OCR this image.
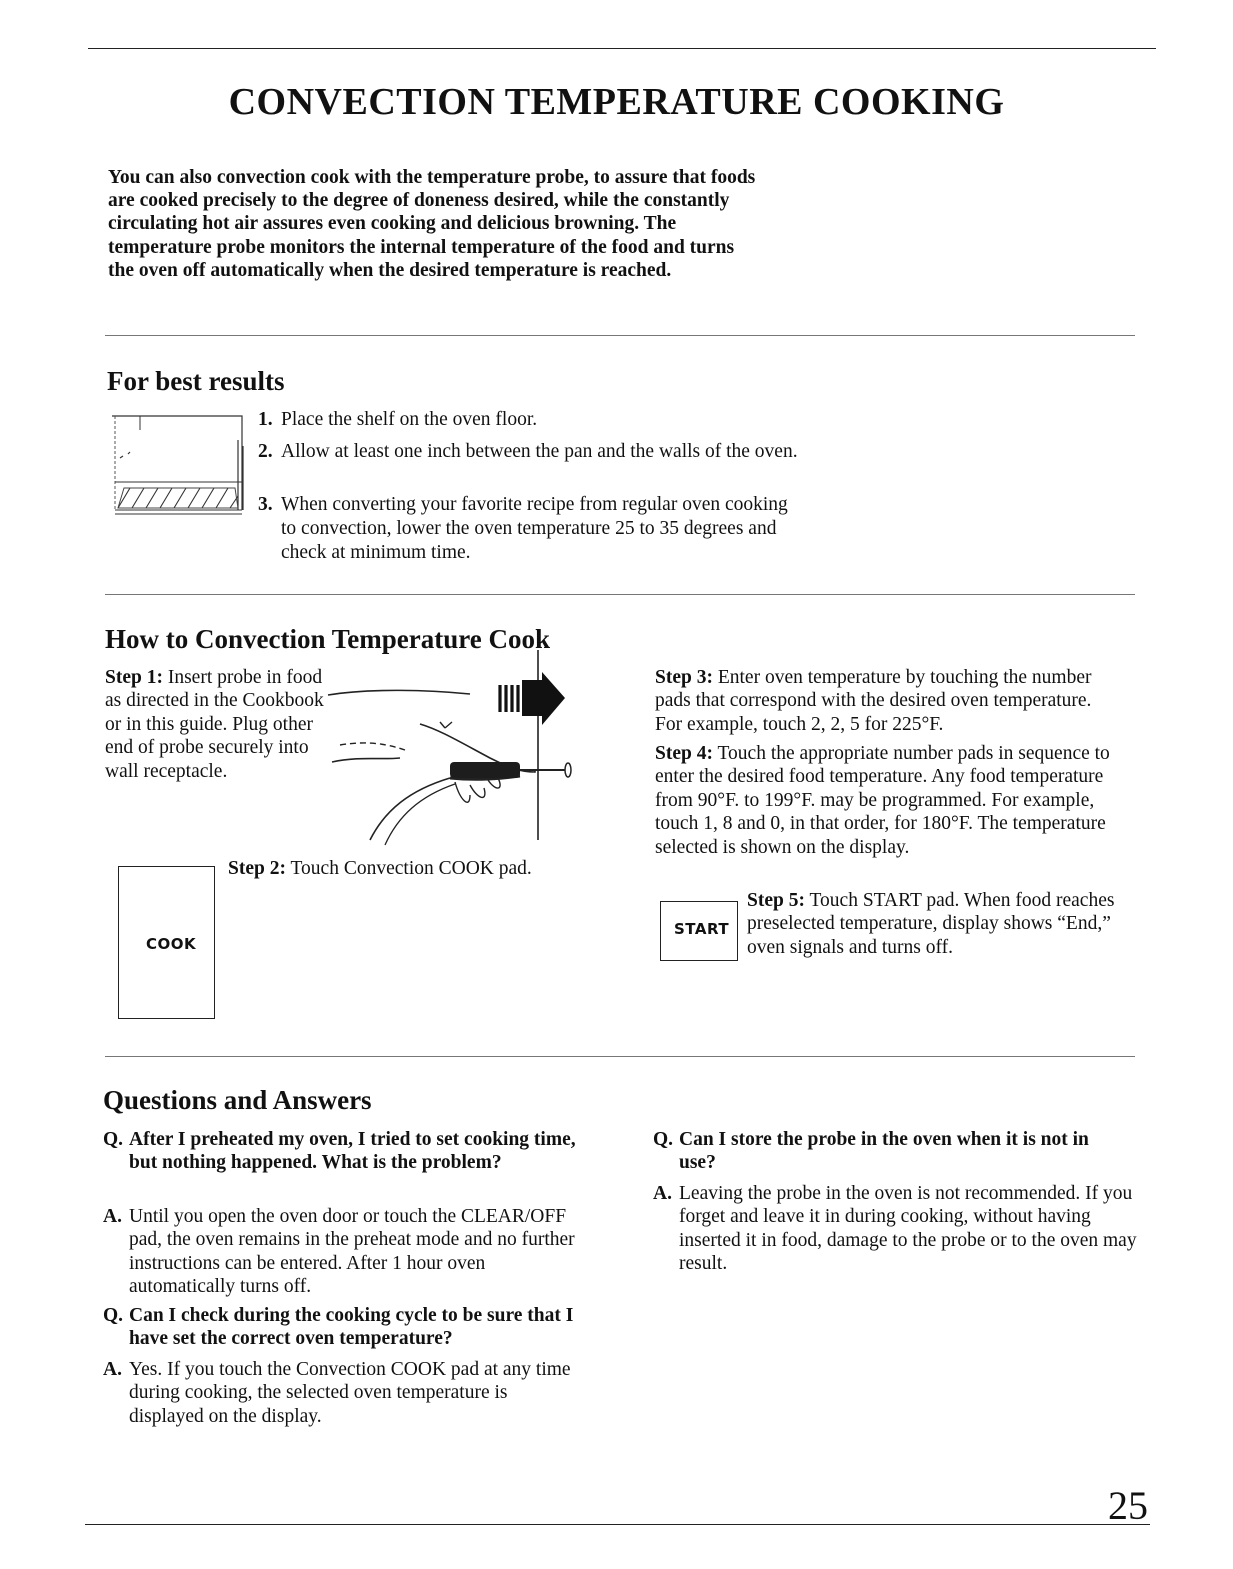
CONVECTION TEMPERATURE COOKING
You can also convection cook with the temperature probe, to assure that foods are cooked precisely to the degree of doneness desired, while the constantly circulating hot air assures even cooking and delicious browning. The temperature probe monitors the internal temperature of the food and turns the oven off automatically when the desired temperature is reached.
For best results
1. Place the shelf on the oven floor.
2. Allow at least one inch between the pan and the walls of the oven.
3. When converting your favorite recipe from regular oven cooking to convection, lower the oven temperature 25 to 35 degrees and check at minimum time.
How to Convection Temperature Cook
Step 1: Insert probe in food as directed in the Cookbook or in this guide. Plug other end of probe securely into wall receptacle.
COOK
Step 2: Touch Convection COOK pad.
Step 3: Enter oven temperature by touching the number pads that correspond with the desired oven temperature. For example, touch 2, 2, 5 for 225°F.
Step 4: Touch the appropriate number pads in sequence to enter the desired food temperature. Any food temperature from 90°F. to 199°F. may be programmed. For example, touch 1, 8 and 0, in that order, for 180°F. The temperature selected is shown on the display.
START
Step 5: Touch START pad. When food reaches preselected temperature, display shows “End,” oven signals and turns off.
Questions and Answers
Q. After I preheated my oven, I tried to set cooking time, but nothing happened. What is the problem?
A. Until you open the oven door or touch the CLEAR/OFF pad, the oven remains in the preheat mode and no further instructions can be entered. After 1 hour oven automatically turns off.
Q. Can I check during the cooking cycle to be sure that I have set the correct oven temperature?
A. Yes. If you touch the Convection COOK pad at any time during cooking, the selected oven temperature is displayed on the display.
Q. Can I store the probe in the oven when it is not in use?
A. Leaving the probe in the oven is not recommended. If you forget and leave it in during cooking, without having inserted it in food, damage to the probe or to the oven may result.
25
